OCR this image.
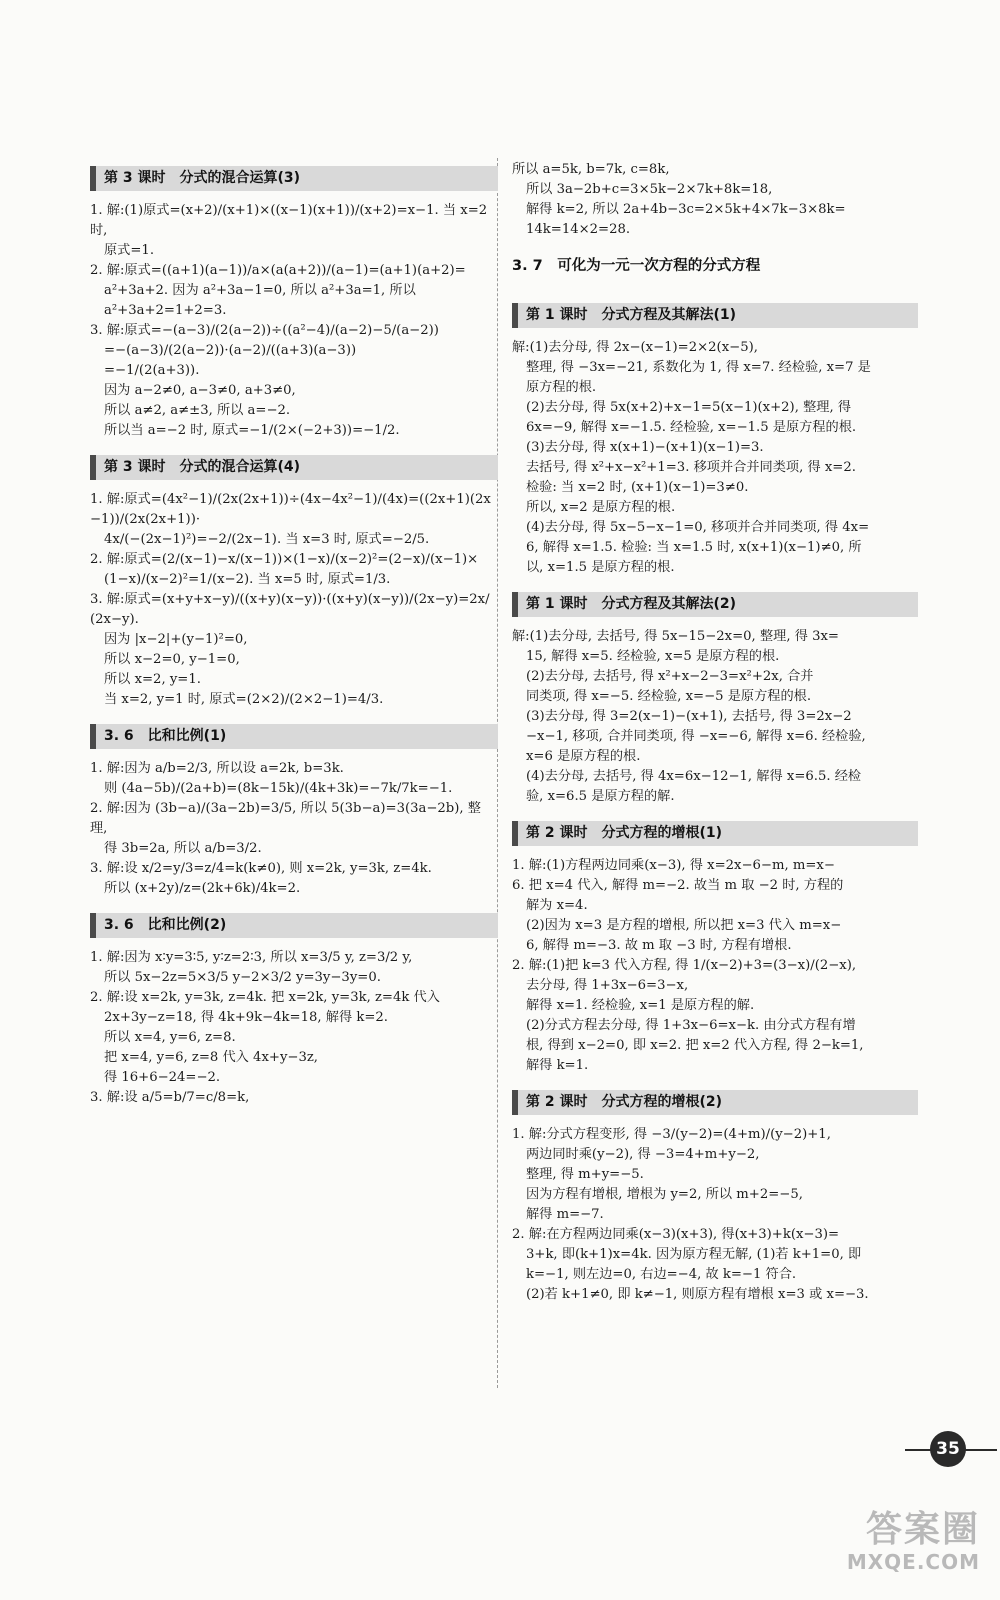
第 3 课时　分式的混合运算(3)
1. 解:(1)原式=(x+2)/(x+1)×((x−1)(x+1))/(x+2)=x−1. 当 x=2 时,
原式=1.
2. 解:原式=((a+1)(a−1))/a×(a(a+2))/(a−1)=(a+1)(a+2)=
a²+3a+2. 因为 a²+3a−1=0, 所以 a²+3a=1, 所以
a²+3a+2=1+2=3.
3. 解:原式=−(a−3)/(2(a−2))÷((a²−4)/(a−2)−5/(a−2))
=−(a−3)/(2(a−2))·(a−2)/((a+3)(a−3))
=−1/(2(a+3)).
因为 a−2≠0, a−3≠0, a+3≠0,
所以 a≠2, a≠±3, 所以 a=−2.
所以当 a=−2 时, 原式=−1/(2×(−2+3))=−1/2.
第 3 课时　分式的混合运算(4)
1. 解:原式=(4x²−1)/(2x(2x+1))÷(4x−4x²−1)/(4x)=((2x+1)(2x−1))/(2x(2x+1))·
4x/(−(2x−1)²)=−2/(2x−1). 当 x=3 时, 原式=−2/5.
2. 解:原式=(2/(x−1)−x/(x−1))×(1−x)/(x−2)²=(2−x)/(x−1)×
(1−x)/(x−2)²=1/(x−2). 当 x=5 时, 原式=1/3.
3. 解:原式=(x+y+x−y)/((x+y)(x−y))·((x+y)(x−y))/(2x−y)=2x/(2x−y).
因为 |x−2|+(y−1)²=0,
所以 x−2=0, y−1=0,
所以 x=2, y=1.
当 x=2, y=1 时, 原式=(2×2)/(2×2−1)=4/3.
3. 6　比和比例(1)
1. 解:因为 a/b=2/3, 所以设 a=2k, b=3k.
则 (4a−5b)/(2a+b)=(8k−15k)/(4k+3k)=−7k/7k=−1.
2. 解:因为 (3b−a)/(3a−2b)=3/5, 所以 5(3b−a)=3(3a−2b), 整理,
得 3b=2a, 所以 a/b=3/2.
3. 解:设 x/2=y/3=z/4=k(k≠0), 则 x=2k, y=3k, z=4k.
所以 (x+2y)/z=(2k+6k)/4k=2.
3. 6　比和比例(2)
1. 解:因为 x∶y=3∶5, y∶z=2∶3, 所以 x=3/5 y, z=3/2 y,
所以 5x−2z=5×3/5 y−2×3/2 y=3y−3y=0.
2. 解:设 x=2k, y=3k, z=4k. 把 x=2k, y=3k, z=4k 代入
2x+3y−z=18, 得 4k+9k−4k=18, 解得 k=2.
所以 x=4, y=6, z=8.
把 x=4, y=6, z=8 代入 4x+y−3z,
得 16+6−24=−2.
3. 解:设 a/5=b/7=c/8=k,
所以 a=5k, b=7k, c=8k,
所以 3a−2b+c=3×5k−2×7k+8k=18,
解得 k=2, 所以 2a+4b−3c=2×5k+4×7k−3×8k=
14k=14×2=28.
3. 7　可化为一元一次方程的分式方程
第 1 课时　分式方程及其解法(1)
解:(1)去分母, 得 2x−(x−1)=2×2(x−5),
整理, 得 −3x=−21, 系数化为 1, 得 x=7. 经检验, x=7 是
原方程的根.
(2)去分母, 得 5x(x+2)+x−1=5(x−1)(x+2), 整理, 得
6x=−9, 解得 x=−1.5. 经检验, x=−1.5 是原方程的根.
(3)去分母, 得 x(x+1)−(x+1)(x−1)=3.
去括号, 得 x²+x−x²+1=3. 移项并合并同类项, 得 x=2.
检验: 当 x=2 时, (x+1)(x−1)=3≠0.
所以, x=2 是原方程的根.
(4)去分母, 得 5x−5−x−1=0, 移项并合并同类项, 得 4x=
6, 解得 x=1.5. 检验: 当 x=1.5 时, x(x+1)(x−1)≠0, 所
以, x=1.5 是原方程的根.
第 1 课时　分式方程及其解法(2)
解:(1)去分母, 去括号, 得 5x−15−2x=0, 整理, 得 3x=
15, 解得 x=5. 经检验, x=5 是原方程的根.
(2)去分母, 去括号, 得 x²+x−2−3=x²+2x, 合并
同类项, 得 x=−5. 经检验, x=−5 是原方程的根.
(3)去分母, 得 3=2(x−1)−(x+1), 去括号, 得 3=2x−2
−x−1, 移项, 合并同类项, 得 −x=−6, 解得 x=6. 经检验,
x=6 是原方程的根.
(4)去分母, 去括号, 得 4x=6x−12−1, 解得 x=6.5. 经检
验, x=6.5 是原方程的解.
第 2 课时　分式方程的增根(1)
1. 解:(1)方程两边同乘(x−3), 得 x=2x−6−m, m=x−
6. 把 x=4 代入, 解得 m=−2. 故当 m 取 −2 时, 方程的
解为 x=4.
(2)因为 x=3 是方程的增根, 所以把 x=3 代入 m=x−
6, 解得 m=−3. 故 m 取 −3 时, 方程有增根.
2. 解:(1)把 k=3 代入方程, 得 1/(x−2)+3=(3−x)/(2−x),
去分母, 得 1+3x−6=3−x,
解得 x=1. 经检验, x=1 是原方程的解.
(2)分式方程去分母, 得 1+3x−6=x−k. 由分式方程有增
根, 得到 x−2=0, 即 x=2. 把 x=2 代入方程, 得 2−k=1,
解得 k=1.
第 2 课时　分式方程的增根(2)
1. 解:分式方程变形, 得 −3/(y−2)=(4+m)/(y−2)+1,
两边同时乘(y−2), 得 −3=4+m+y−2,
整理, 得 m+y=−5.
因为方程有增根, 增根为 y=2, 所以 m+2=−5,
解得 m=−7.
2. 解:在方程两边同乘(x−3)(x+3), 得(x+3)+k(x−3)=
3+k, 即(k+1)x=4k. 因为原方程无解, (1)若 k+1=0, 即
k=−1, 则左边=0, 右边=−4, 故 k=−1 符合.
(2)若 k+1≠0, 即 k≠−1, 则原方程有增根 x=3 或 x=−3.
35
答案圈
MXQE.COM
